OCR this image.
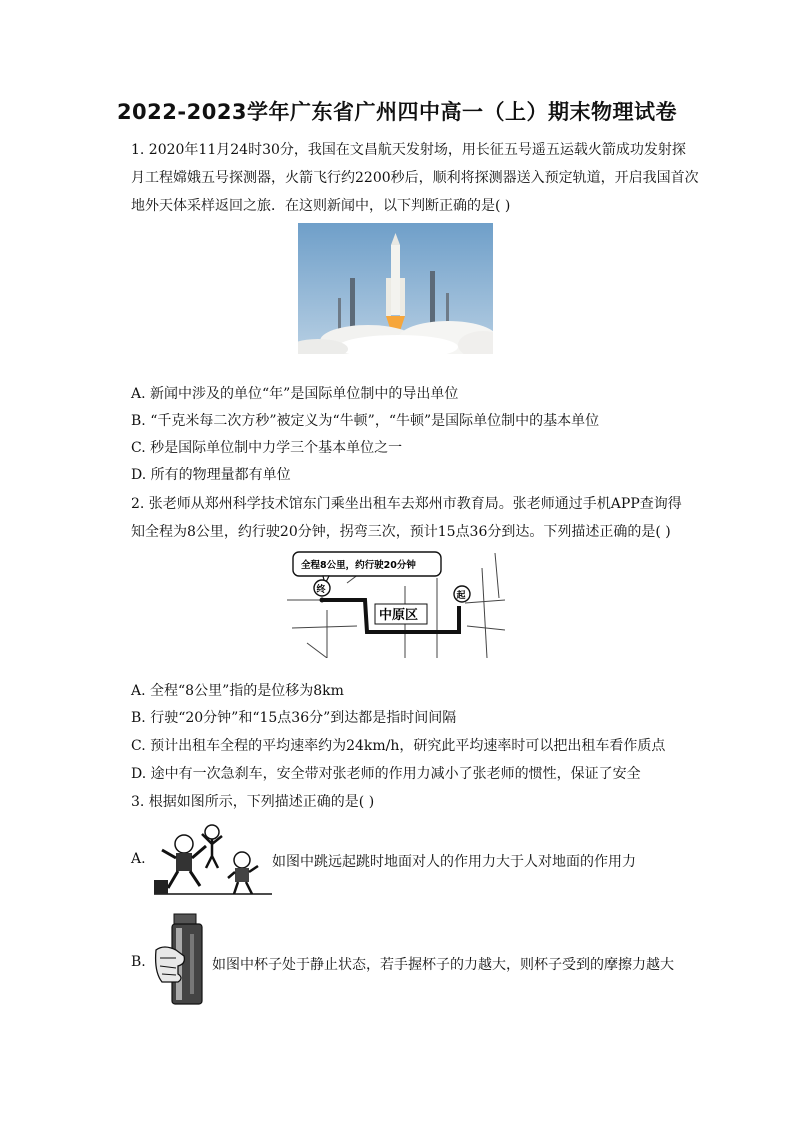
2022-2023学年广东省广州四中高一（上）期末物理试卷
1. 2020年11月24时30分，我国在文昌航天发射场，用长征五号遥五运载火箭成功发射探
月工程嫦娥五号探测器，火箭飞行约2200秒后，顺利将探测器送入预定轨道，开启我国首次
地外天体采样返回之旅．在这则新闻中，以下判断正确的是( )
A. 新闻中涉及的单位“年”是国际单位制中的导出单位
B. “千克米每二次方秒”被定义为“牛顿”，“牛顿”是国际单位制中的基本单位
C. 秒是国际单位制中力学三个基本单位之一
D. 所有的物理量都有单位
2. 张老师从郑州科学技术馆东门乘坐出租车去郑州市教育局。张老师通过手机APP查询得
知全程为8公里，约行驶20分钟，拐弯三次，预计15点36分到达。下列描述正确的是( )
全程8公里，约行驶20分钟
终
起
中原区
A. 全程“8公里”指的是位移为8km
B. 行驶“20分钟”和“15点36分”到达都是指时间间隔
C. 预计出租车全程的平均速率约为24km/h，研究此平均速率时可以把出租车看作质点
D. 途中有一次急刹车，安全带对张老师的作用力减小了张老师的惯性，保证了安全
3. 根据如图所示，下列描述正确的是( )
A.	如图中跳远起跳时地面对人的作用力大于人对地面的作用力
B.	如图中杯子处于静止状态，若手握杯子的力越大，则杯子受到的摩擦力越大
